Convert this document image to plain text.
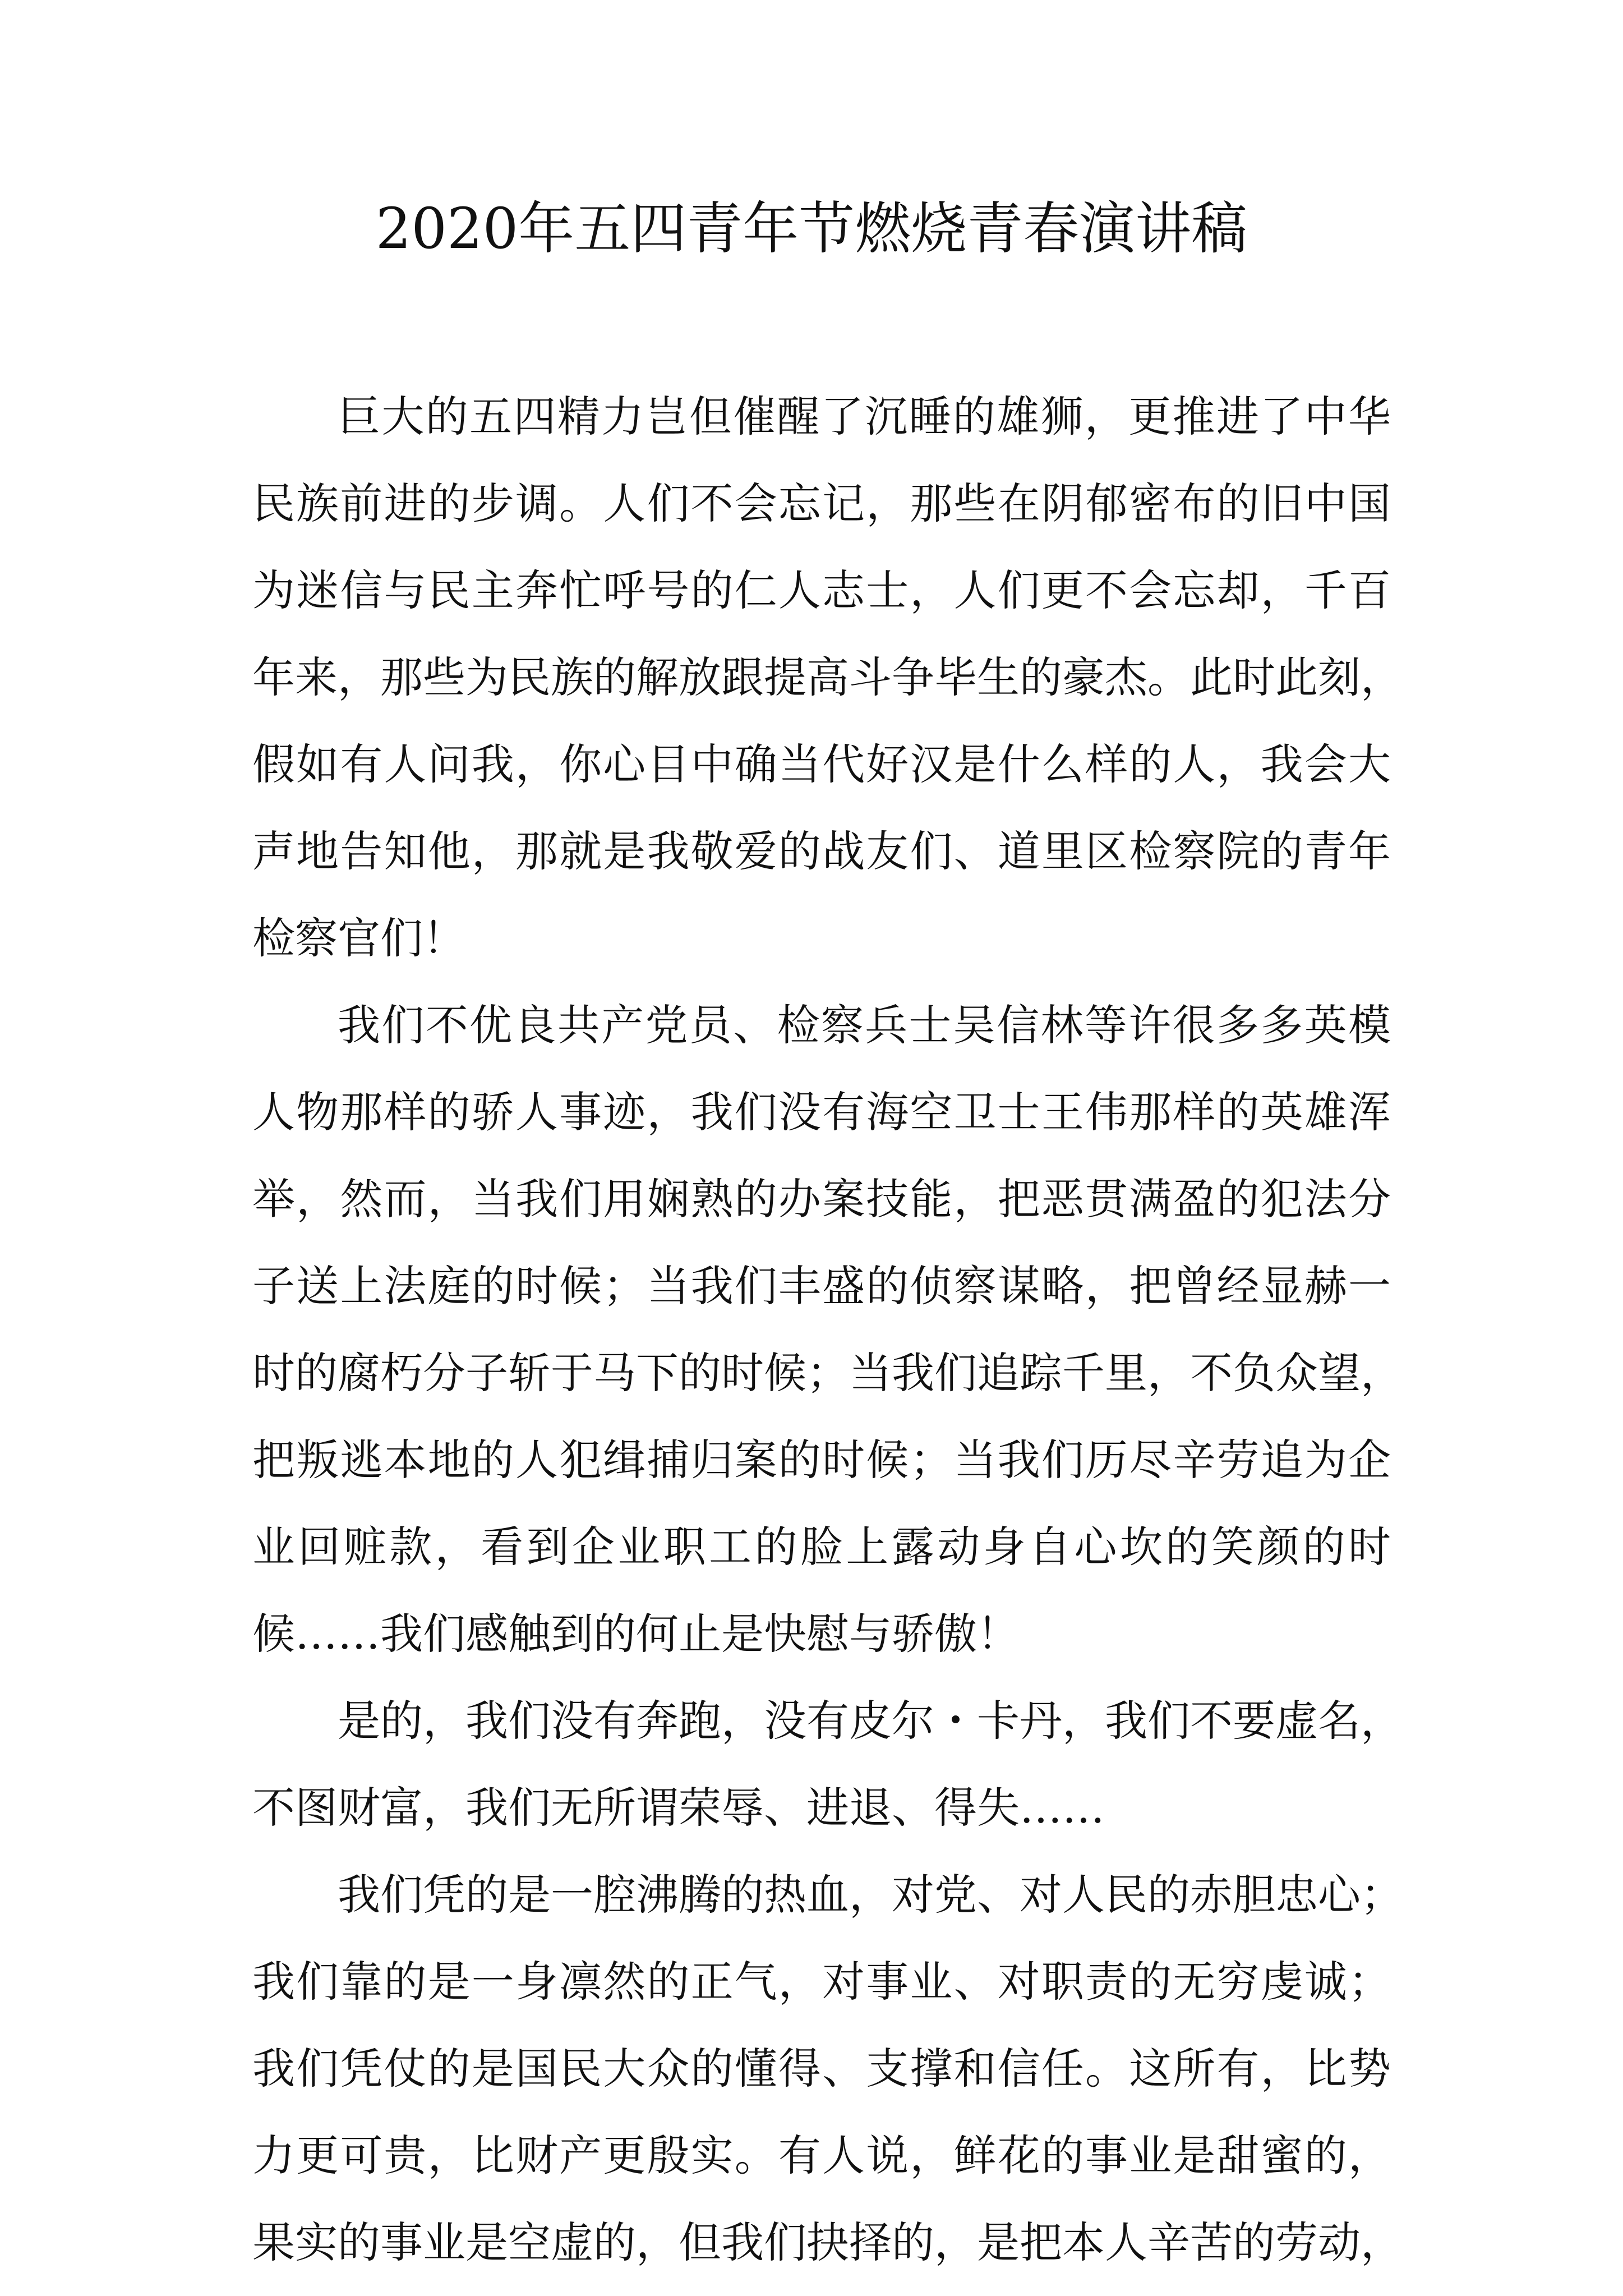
2020年五四青年节燃烧青春演讲稿
巨大的五四精力岂但催醒了沉睡的雄狮，更推进了中华
民族前进的步调。人们不会忘记，那些在阴郁密布的旧中国
为迷信与民主奔忙呼号的仁人志士，人们更不会忘却，千百
年来，那些为民族的解放跟提高斗争毕生的豪杰。此时此刻，
假如有人问我，你心目中确当代好汉是什么样的人，我会大
声地告知他，那就是我敬爱的战友们、道里区检察院的青年
检察官们！
我们不优良共产党员、检察兵士吴信林等许很多多英模
人物那样的骄人事迹，我们没有海空卫士王伟那样的英雄浑
举，然而，当我们用娴熟的办案技能，把恶贯满盈的犯法分
子送上法庭的时候；当我们丰盛的侦察谋略，把曾经显赫一
时的腐朽分子斩于马下的时候；当我们追踪千里，不负众望，
把叛逃本地的人犯缉捕归案的时候；当我们历尽辛劳追为企
业回赃款，看到企业职工的脸上露动身自心坎的笑颜的时
候……我们感触到的何止是快慰与骄傲！
是的，我们没有奔跑，没有皮尔・卡丹，我们不要虚名，
不图财富，我们无所谓荣辱、进退、得失……
我们凭的是一腔沸腾的热血，对党、对人民的赤胆忠心；
我们靠的是一身凛然的正气，对事业、对职责的无穷虔诚；
我们凭仗的是国民大众的懂得、支撑和信任。这所有，比势
力更可贵，比财产更殷实。有人说，鲜花的事业是甜蜜的，
果实的事业是空虚的，但我们抉择的，是把本人辛苦的劳动，
